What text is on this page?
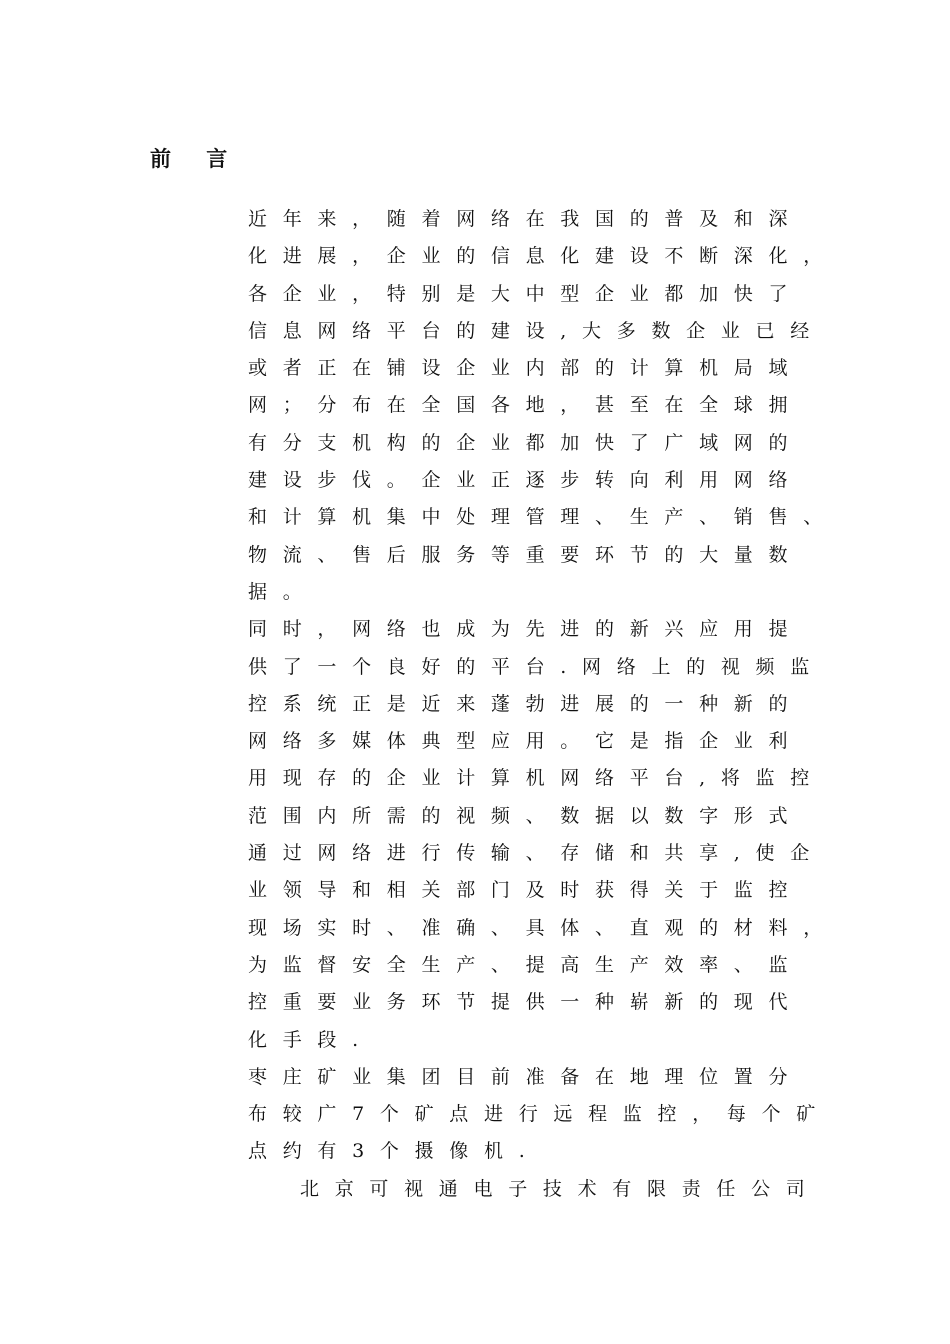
前 言
近年来，随着网络在我国的普及和深
化进展，企业的信息化建设不断深化，
各企业，特别是大中型企业都加快了
信息网络平台的建设,大多数企业已经
或者正在铺设企业内部的计算机局域
网；分布在全国各地，甚至在全球拥
有分支机构的企业都加快了广域网的
建设步伐。企业正逐步转向利用网络
和计算机集中处理管理、生产、销售、
物流、售后服务等重要环节的大量数
据。
同时，网络也成为先进的新兴应用提
供了一个良好的平台.网络上的视频监
控系统正是近来蓬勃进展的一种新的
网络多媒体典型应用。它是指企业利
用现存的企业计算机网络平台,将监控
范围内所需的视频、数据以数字形式
通过网络进行传输、存储和共享,使企
业领导和相关部门及时获得关于监控
现场实时、准确、具体、直观的材料，
为监督安全生产、提高生产效率、监
控重要业务环节提供一种崭新的现代
化手段.
枣庄矿业集团目前准备在地理位置分
布较广7个矿点进行远程监控，每个矿
点约有3个摄像机.
北京可视通电子技术有限责任公司
